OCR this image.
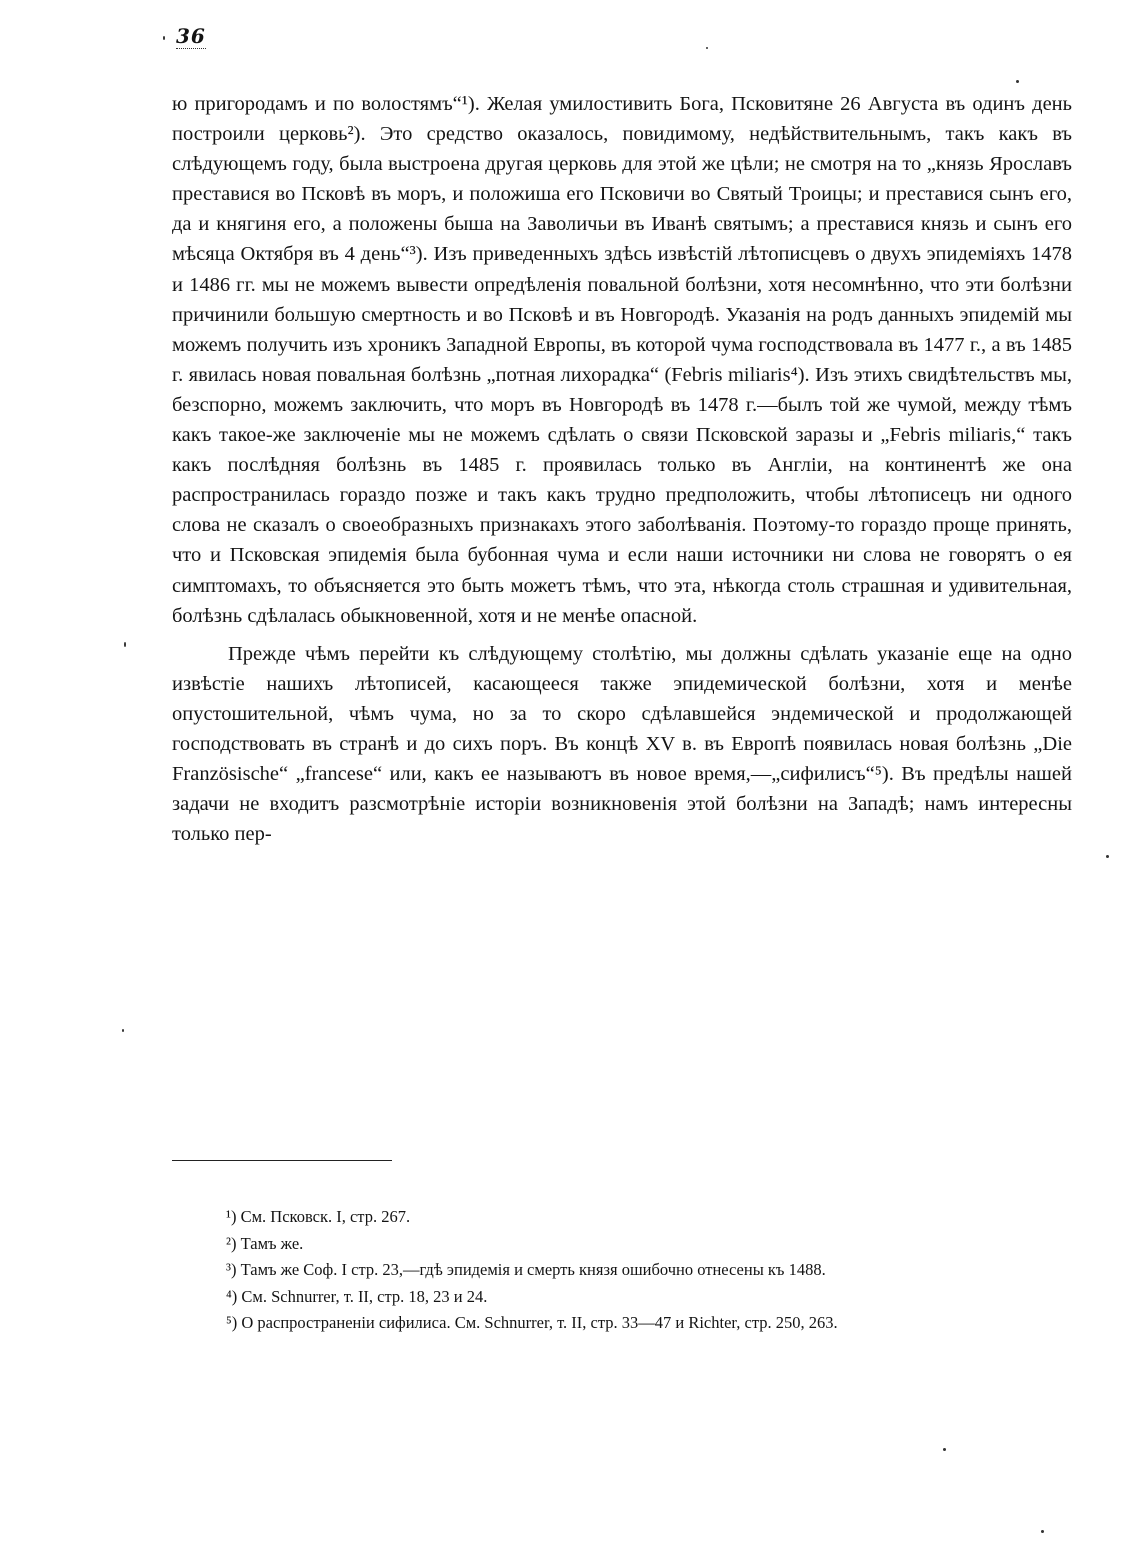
36

ю пригородамъ и по волостямъ“¹). Желая умилостивить Бога, Псковитяне 26 Августа въ одинъ день построили церковь²). Это средство оказалось, повидимому, недѣйствительнымъ, такъ какъ въ слѣдующемъ году, была выстроена другая церковь для этой же цѣли; не смотря на то „князь Ярославъ преставися во Псковѣ въ моръ, и положиша его Псковичи во Святый Троицы; и преставися сынъ его, да и княгиня его, а положены быша на Заволичьи въ Иванѣ святымъ; а преставися князь и сынъ его мѣсяца Октября въ 4 день“³). Изъ приведенныхъ здѣсь извѣстій лѣтописцевъ о двухъ эпидеміяхъ 1478 и 1486 гг. мы не можемъ вывести опредѣленія повальной болѣзни, хотя несомнѣнно, что эти болѣзни причинили большую смертность и во Псковѣ и въ Новгородѣ. Указанія на родъ данныхъ эпидемій мы можемъ получить изъ хроникъ Западной Европы, въ которой чума господствовала въ 1477 г., а въ 1485 г. явилась новая повальная болѣзнь „потная лихорадка“ (Febris miliaris⁴). Изъ этихъ свидѣтельствъ мы, безспорно, можемъ заключить, что моръ въ Новгородѣ въ 1478 г.—былъ той же чумой, между тѣмъ какъ такое-же заключеніе мы не можемъ сдѣлать о связи Псковской заразы и „Febris miliaris,“ такъ какъ послѣдняя болѣзнь въ 1485 г. проявилась только въ Англіи, на континентѣ же она распространилась гораздо позже и такъ какъ трудно предположить, чтобы лѣтописецъ ни одного слова не сказалъ о своеобразныхъ признакахъ этого заболѣванія. Поэтому-то гораздо проще принять, что и Псковская эпидемія была бубонная чума и если наши источники ни слова не говорятъ о ея симптомахъ, то объясняется это быть можетъ тѣмъ, что эта, нѣкогда столь страшная и удивительная, болѣзнь сдѣлалась обыкновенной, хотя и не менѣе опасной.

Прежде чѣмъ перейти къ слѣдующему столѣтію, мы должны сдѣлать указаніе еще на одно извѣстіе нашихъ лѣтописей, касающееся также эпидемической болѣзни, хотя и менѣе опустошительной, чѣмъ чума, но за то скоро сдѣлавшейся эндемической и продолжающей господствовать въ странѣ и до сихъ поръ. Въ концѣ XV в. въ Европѣ появилась новая болѣзнь „Die Französische“ „francese“ или, какъ ее называютъ въ новое время,—„сифилисъ“⁵). Въ предѣлы нашей задачи не входитъ разсмотрѣніе исторіи возникновенія этой болѣзни на Западѣ; намъ интересны только пер-

¹) См. Псковск. I, стр. 267.
²) Тамъ же.
³) Тамъ же Соф. I стр. 23,—гдѣ эпидемія и смерть князя ошибочно отнесены къ 1488.
⁴) См. Schnurrer, т. II, стр. 18, 23 и 24.
⁵) О распространеніи сифилиса. См. Schnurrer, т. II, стр. 33—47 и Richter, стр. 250, 263.
